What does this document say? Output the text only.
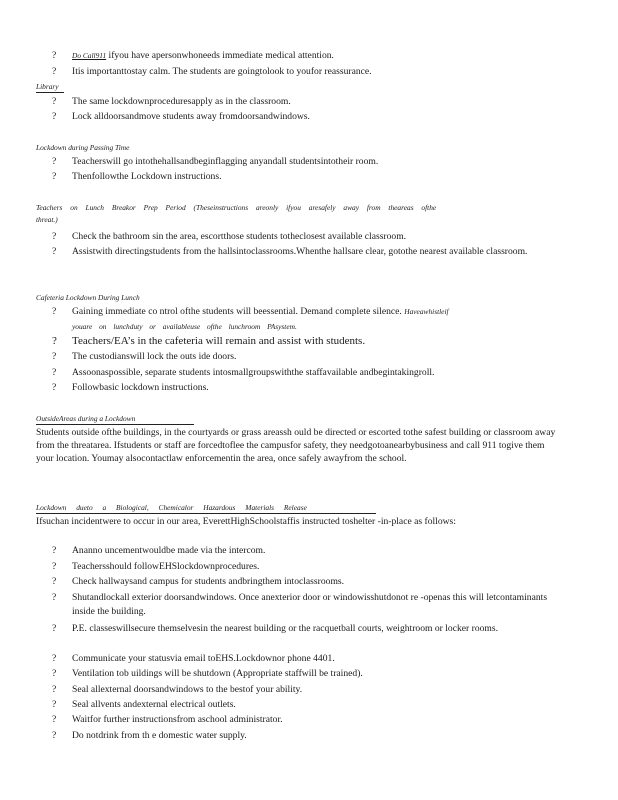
? Do Call911 ifyou have apersonwhoneeds immediate medical attention.
? Itis importanttostay calm. The students are goingtolook to youfor reassurance.
Library
? The same lockdownproceduresapply as in the classroom.
? Lock alldoorsandmove students away fromdoorsandwindows.
Lockdown during Passing Time
? Teacherswill go intothehallsandbeginflagging anyandall studentsintotheir room.
? Thenfollowthe Lockdown instructions.
Teachers on Lunch Breakor Prep Period (Theseinstructions areonly ifyou aresafely away from theareas ofthe
threat.)
? Check the bathroom sin the area, escortthose students totheclosest available classroom.
?	Assistwith directingstudents from the hallsintoclassrooms.Whenthe hallsare clear, gotothe nearest available classroom.
Cafeteria Lockdown During Lunch
? Gaining immediate co ntrol ofthe students will beessential. Demand complete silence. Haveawhistleif
youare on lunchduty or availableuse ofthe lunchroom PAsystem.
? Teachers/EA’s in the cafeteria will remain and assist with students.
? The custodianswill lock the outs ide doors.
? Assoonaspossible, separate students intosmallgroupswiththe staffavailable andbegintakingroll.
? Followbasic lockdown instructions.
OutsideAreas during a Lockdown
Students outside ofthe buildings, in the courtyards or grass areassh ould be directed or escorted tothe safest building or classroom away from the threatarea. Ifstudents or staff are forcedtoflee the campusfor safety, they needgotoanearbybusiness and call 911 togive them your location. Youmay alsocontactlaw enforcementin the area, once safely awayfrom the school.
Lockdown dueto a Biological, Chemicalor Hazardous Materials Release
Ifsuchan incidentwere to occur in our area, EverettHighSchoolstaffis instructed toshelter -in-place as follows:
? Ananno uncementwouldbe made via the intercom.
? Teachersshould followEHSlockdownprocedures.
? Check hallwaysand campus for students andbringthem intoclassrooms.
?	Shutandlockall exterior doorsandwindows. Once anexterior door or windowisshutdonot re -openas this will letcontaminants inside the building.
?	P.E. classeswillsecure themselvesin the nearest building or the racquetball courts, weightroom or locker rooms.
? Communicate your statusvia email toEHS.Lockdownor phone 4401.
? Ventilation tob uildings will be shutdown (Appropriate staffwill be trained).
? Seal allexternal doorsandwindows to the bestof your ability.
? Seal allvents andexternal electrical outlets.
? Waitfor further instructionsfrom aschool administrator.
? Do notdrink from th e domestic water supply.
